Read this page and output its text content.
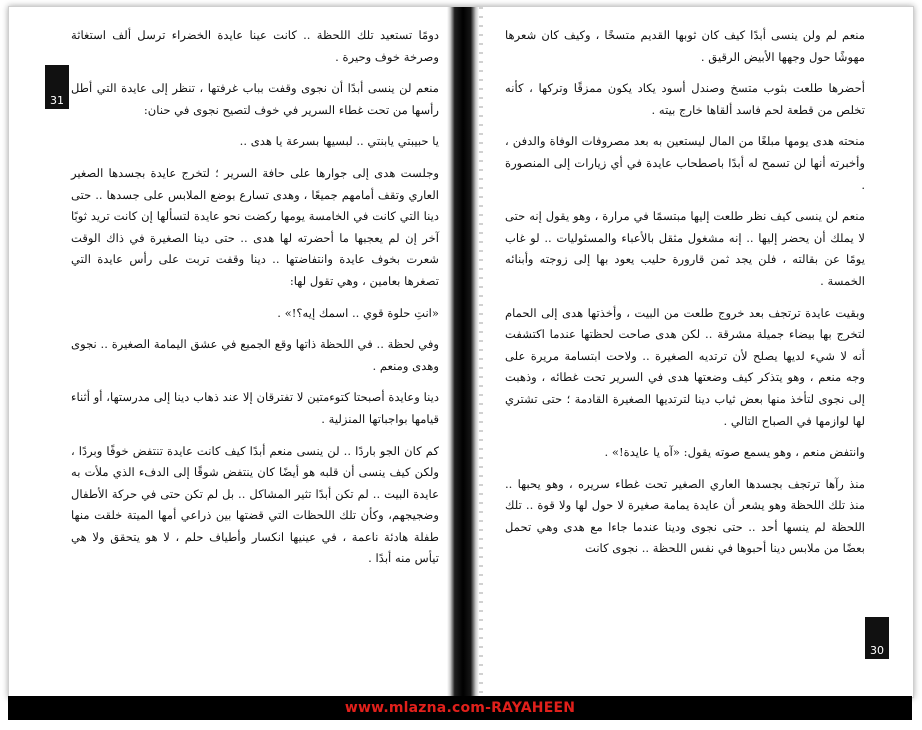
31

دومًا تستعيد تلك اللحظة .. كانت عينا عايدة الخضراء ترسل ألف استغاثة وصرخة خوف وحيرة .

منعم لن ينسى أبدًا أن نجوى وقفت بباب غرفتها ، تنظر إلى عايدة التي أطل رأسها من تحت غطاء السرير في خوف لتصيح نجوى في حنان:

يا حبيبتي يابنتي .. لبسيها بسرعة يا هدى ..

وجلست هدى إلى جوارها على حافة السرير ؛ لتخرج عايدة بجسدها الصغير العاري وتقف أمامهم جميعًا ، وهدى تسارع بوضع الملابس على جسدها .. حتى دينا التي كانت في الخامسة يومها ركضت نحو عايدة لتسألها إن كانت تريد ثوبًا آخر إن لم يعجبها ما أحضرته لها هدى .. حتى دينا الصغيرة في ذاك الوقت شعرت بخوف عايدة وانتفاضتها .. دينا وقفت تربت على رأس عايدة التي تصغرها بعامين ، وهي تقول لها:

«انتِ حلوة قوي .. اسمك إيه؟!» .

وفي لحظة .. في اللحظة ذاتها وقع الجميع في عشق اليمامة الصغيرة .. نجوى وهدى ومنعم .

دينا وعايدة أصبحتا كتوءمتين لا تفترقان إلا عند ذهاب دينا إلى مدرستها، أو أثناء قيامها بواجباتها المنزلية .

كم كان الجو باردًا .. لن ينسى منعم أبدًا كيف كانت عايدة تنتفض خوفًا وبردًا ، ولكن كيف ينسى أن قلبه هو أيضًا كان ينتفض شوقًا إلى الدفء الذي ملأت به عايدة البيت .. لم تكن أبدًا تثير المشاكل .. بل لم تكن حتى في حركة الأطفال وضجيجهم، وكأن تلك اللحظات التي قضتها بين ذراعي أمها الميتة خلقت منها طفلة هادئة ناعمة ، في عينيها انكسار وأطياف حلم ، لا هو يتحقق ولا هي تيأس منه أبدًا .

منعم لم ولن ينسى أبدًا كيف كان ثوبها القديم متسخًا ، وكيف كان شعرها مهوشًا حول وجهها الأبيض الرقيق .

أحضرها طلعت بثوب متسخ وصندل أسود يكاد يكون ممزقًا وتركها ، كأنه تخلص من قطعة لحم فاسد ألقاها خارج بيته .

منحته هدى يومها مبلغًا من المال ليستعين به بعد مصروفات الوفاة والدفن ، وأخبرته أنها لن تسمح له أبدًا باصطحاب عايدة في أي زيارات إلى المنصورة .

منعم لن ينسى كيف نظر طلعت إليها مبتسمًا في مرارة ، وهو يقول إنه حتى لا يملك أن يحضر إليها .. إنه مشغول مثقل بالأعباء والمسئوليات .. لو غاب يومًا عن بقالته ، فلن يجد ثمن قارورة حليب يعود بها إلى زوجته وأبنائه الخمسة .

وبقيت عايدة ترتجف بعد خروج طلعت من البيت ، وأخذتها هدى إلى الحمام لتخرج بها بيضاء جميلة مشرقة .. لكن هدى صاحت لحظتها عندما اكتشفت أنه لا شيء لديها يصلح لأن ترتديه الصغيرة .. ولاحت ابتسامة مريرة على وجه منعم ، وهو يتذكر كيف وضعتها هدى في السرير تحت غطائه ، وذهبت إلى نجوى لتأخذ منها بعض ثياب دينا لترتديها الصغيرة القادمة ؛ حتى تشتري لها لوازمها في الصباح التالي .

وانتفض منعم ، وهو يسمع صوته يقول: «آه يا عايدة!» .

منذ رآها ترتجف بجسدها العاري الصغير تحت غطاء سريره ، وهو يحبها .. منذ تلك اللحظة وهو يشعر أن عايدة يمامة صغيرة لا حول لها ولا قوة .. تلك اللحظة لم ينسها أحد .. حتى نجوى ودينا عندما جاءا مع هدى وهي تحمل بعضًا من ملابس دينا أحبوها في نفس اللحظة .. نجوى كانت

30
www.mlazna.com-RAYAHEEN
